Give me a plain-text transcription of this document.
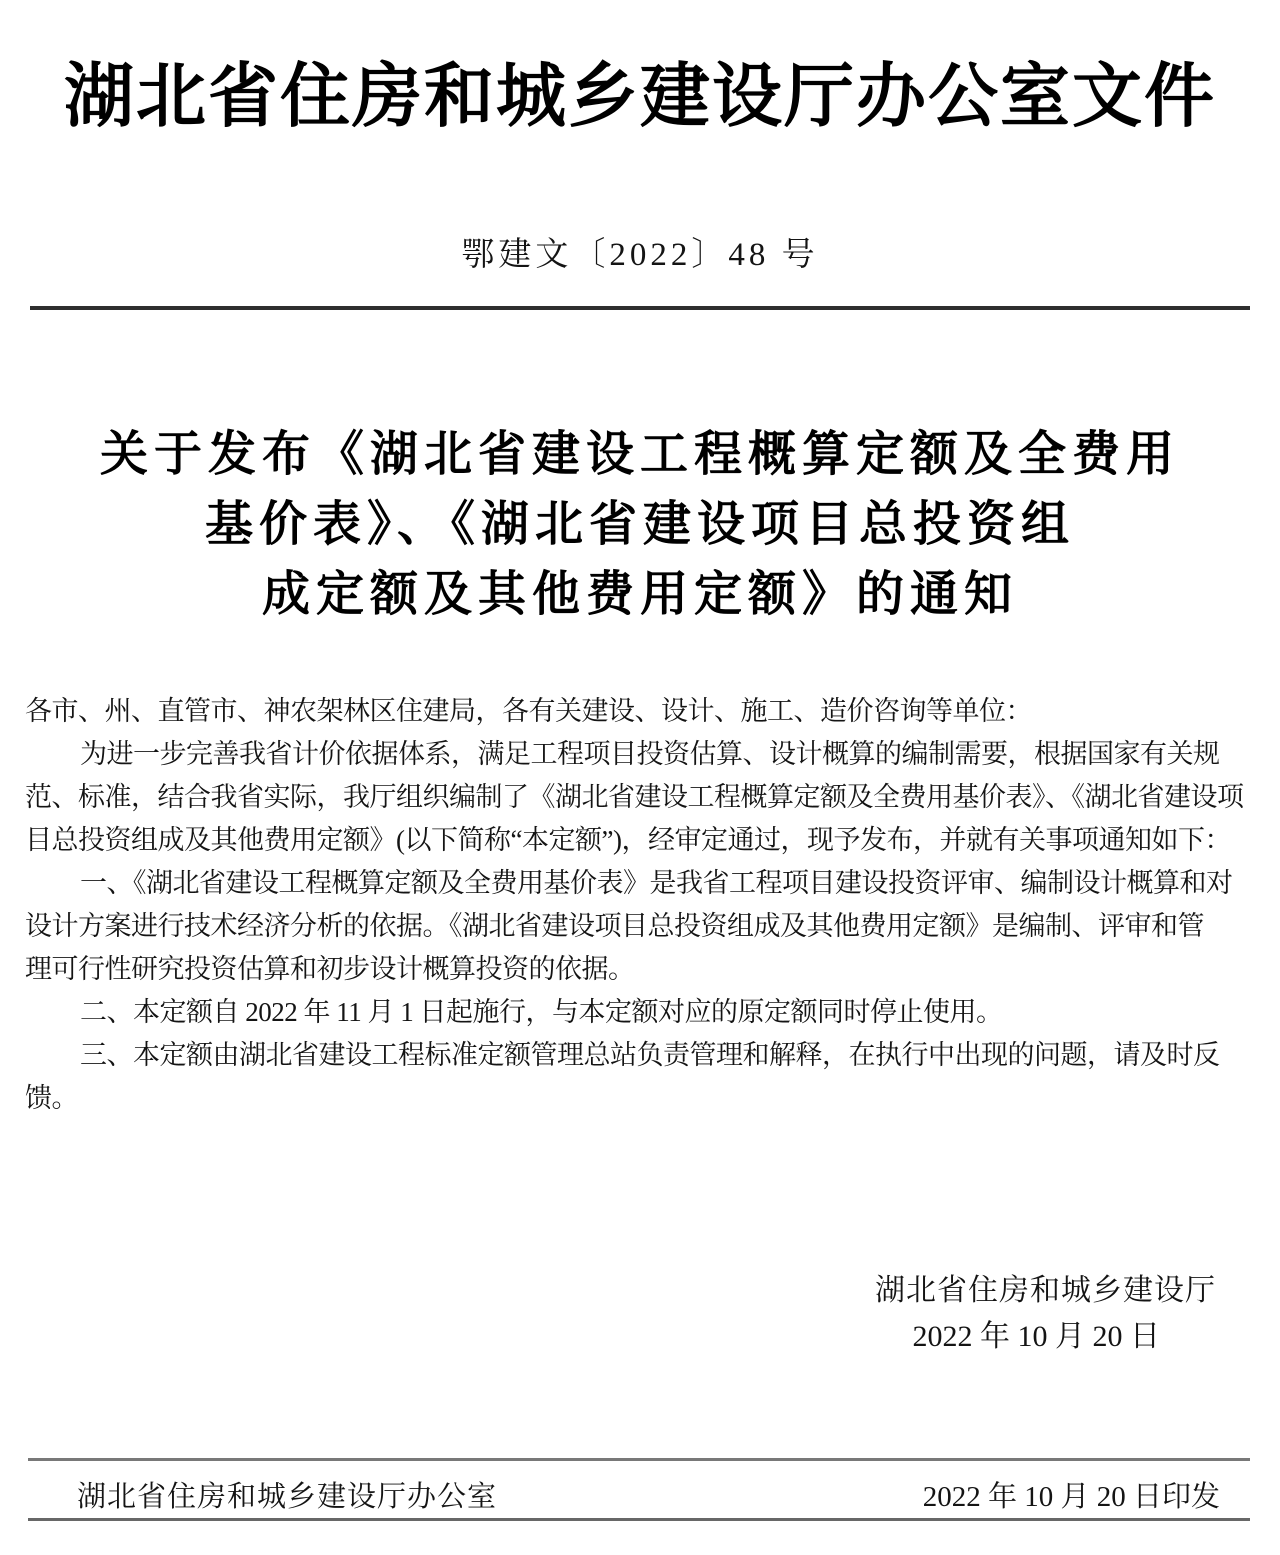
湖北省住房和城乡建设厅办公室文件
鄂建文〔2022〕48 号
关于发布《湖北省建设工程概算定额及全费用
基价表》、《湖北省建设项目总投资组
成定额及其他费用定额》的通知
各市、州、直管市、神农架林区住建局，各有关建设、设计、施工、造价咨询等单位：
为进一步完善我省计价依据体系，满足工程项目投资估算、设计概算的编制需要，根据国家有关规
范、标准，结合我省实际，我厅组织编制了《湖北省建设工程概算定额及全费用基价表》、《湖北省建设项
目总投资组成及其他费用定额》(以下简称“本定额”)，经审定通过，现予发布，并就有关事项通知如下：
一、《湖北省建设工程概算定额及全费用基价表》是我省工程项目建设投资评审、编制设计概算和对
设计方案进行技术经济分析的依据。《湖北省建设项目总投资组成及其他费用定额》是编制、评审和管
理可行性研究投资估算和初步设计概算投资的依据。
二、本定额自 2022 年 11 月 1 日起施行，与本定额对应的原定额同时停止使用。
三、本定额由湖北省建设工程标准定额管理总站负责管理和解释，在执行中出现的问题，请及时反
馈。
湖北省住房和城乡建设厅
2022 年 10 月 20 日
湖北省住房和城乡建设厅办公室	2022 年 10 月 20 日印发
